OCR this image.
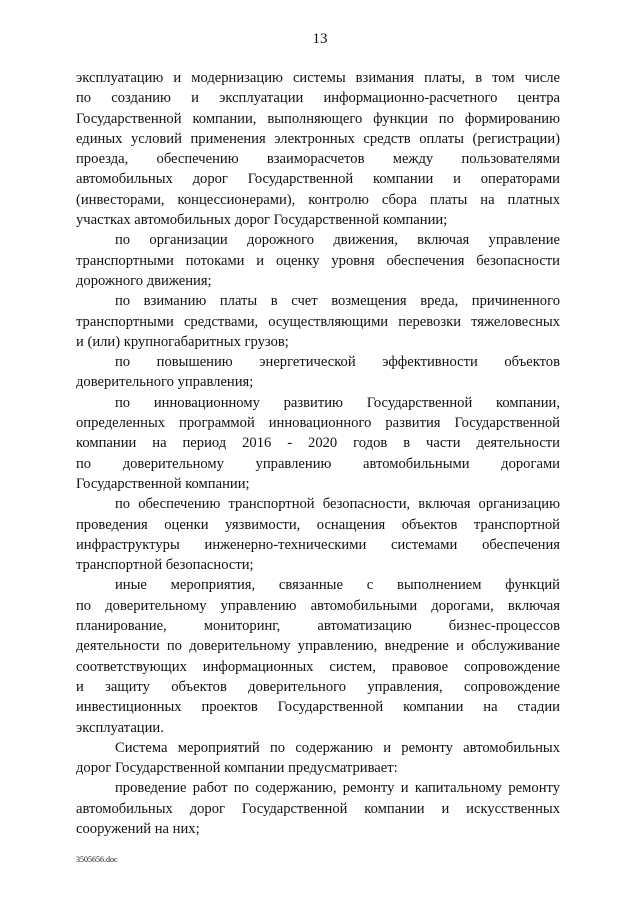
13
эксплуатацию и модернизацию системы взимания платы, в том числе
по созданию и эксплуатации информационно-расчетного центра
Государственной компании, выполняющего функции по формированию
единых условий применения электронных средств оплаты (регистрации)
проезда, обеспечению взаиморасчетов между пользователями
автомобильных дорог Государственной компании и операторами
(инвесторами, концессионерами), контролю сбора платы на платных
участках автомобильных дорог Государственной компании;
по организации дорожного движения, включая управление
транспортными потоками и оценку уровня обеспечения безопасности
дорожного движения;
по взиманию платы в счет возмещения вреда, причиненного
транспортными средствами, осуществляющими перевозки тяжеловесных
и (или) крупногабаритных грузов;
по повышению энергетической эффективности объектов
доверительного управления;
по инновационному развитию Государственной компании,
определенных программой инновационного развития Государственной
компании на период 2016 - 2020 годов в части деятельности
по доверительному управлению автомобильными дорогами
Государственной компании;
по обеспечению транспортной безопасности, включая организацию
проведения оценки уязвимости, оснащения объектов транспортной
инфраструктуры инженерно-техническими системами обеспечения
транспортной безопасности;
иные мероприятия, связанные с выполнением функций
по доверительному управлению автомобильными дорогами, включая
планирование, мониторинг, автоматизацию бизнес-процессов
деятельности по доверительному управлению, внедрение и обслуживание
соответствующих информационных систем, правовое сопровождение
и защиту объектов доверительного управления, сопровождение
инвестиционных проектов Государственной компании на стадии
эксплуатации.
Система мероприятий по содержанию и ремонту автомобильных
дорог Государственной компании предусматривает:
проведение работ по содержанию, ремонту и капитальному ремонту
автомобильных дорог Государственной компании и искусственных
сооружений на них;
3505656.doc
